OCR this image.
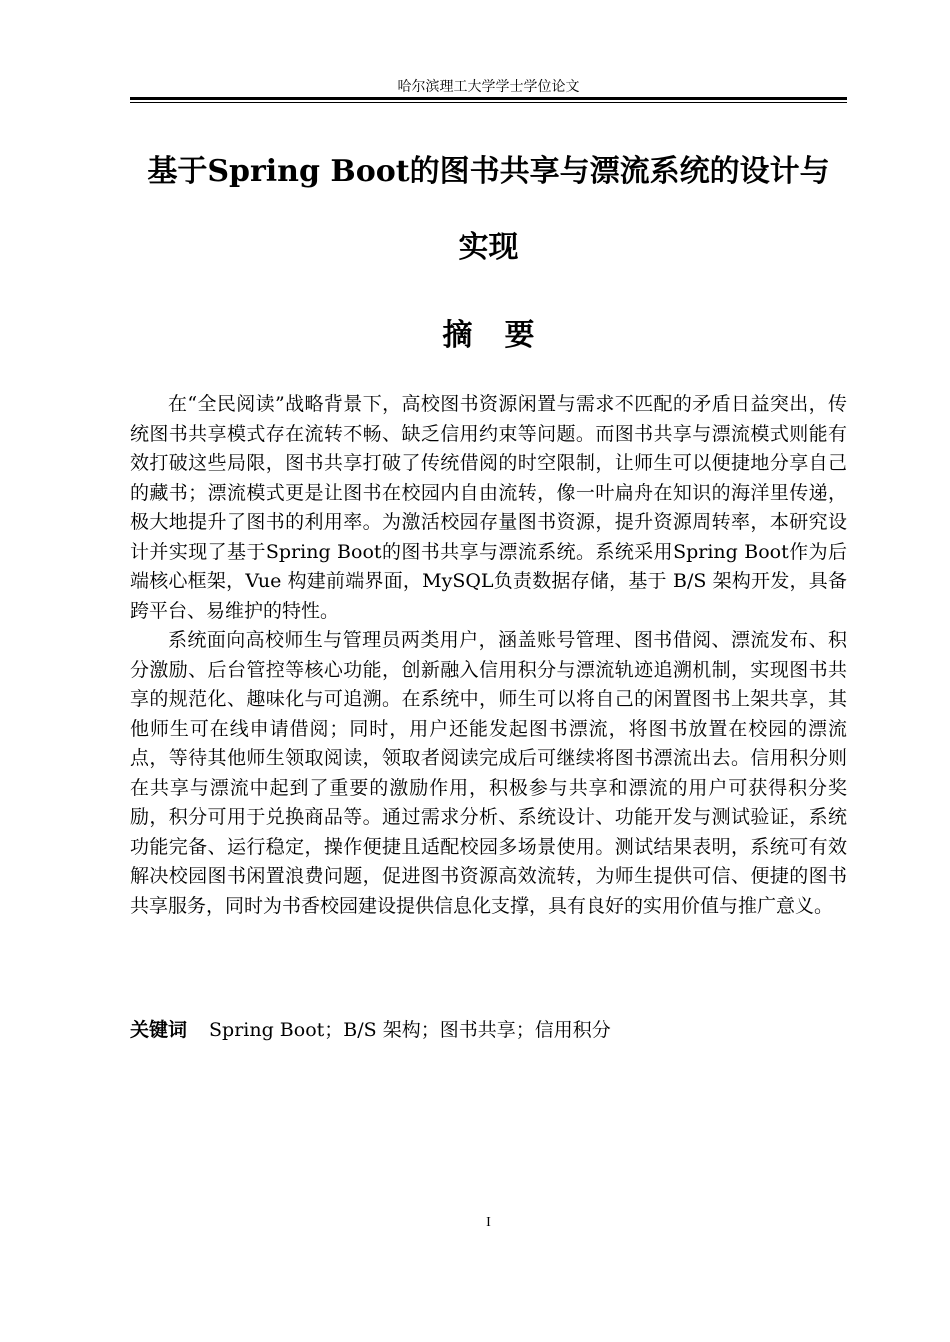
哈尔滨理工大学学士学位论文
基于Spring Boot的图书共享与漂流系统的设计与
实现
摘要

在“全民阅读”战略背景下，高校图书资源闲置与需求不匹配的矛盾日益突出，传统图书共享模式存在流转不畅、缺乏信用约束等问题。而图书共享与漂流模式则能有效打破这些局限，图书共享打破了传统借阅的时空限制，让师生可以便捷地分享自己的藏书；漂流模式更是让图书在校园内自由流转，像一叶扁舟在知识的海洋里传递，极大地提升了图书的利用率。为激活校园存量图书资源，提升资源周转率，本研究设计并实现了基于Spring Boot的图书共享与漂流系统。系统采用Spring Boot作为后端核心框架，Vue 构建前端界面，MySQL负责数据存储，基于 B/S 架构开发，具备跨平台、易维护的特性。

系统面向高校师生与管理员两类用户，涵盖账号管理、图书借阅、漂流发布、积分激励、后台管控等核心功能，创新融入信用积分与漂流轨迹追溯机制，实现图书共享的规范化、趣味化与可追溯。在系统中，师生可以将自己的闲置图书上架共享，其他师生可在线申请借阅；同时，用户还能发起图书漂流，将图书放置在校园的漂流点，等待其他师生领取阅读，领取者阅读完成后可继续将图书漂流出去。信用积分则在共享与漂流中起到了重要的激励作用，积极参与共享和漂流的用户可获得积分奖励，积分可用于兑换商品等。通过需求分析、系统设计、功能开发与测试验证，系统功能完备、运行稳定，操作便捷且适配校园多场景使用。测试结果表明，系统可有效解决校园图书闲置浪费问题，促进图书资源高效流转，为师生提供可信、便捷的图书共享服务，同时为书香校园建设提供信息化支撑，具有良好的实用价值与推广意义。

关键词 Spring Boot；B/S 架构；图书共享；信用积分
I
